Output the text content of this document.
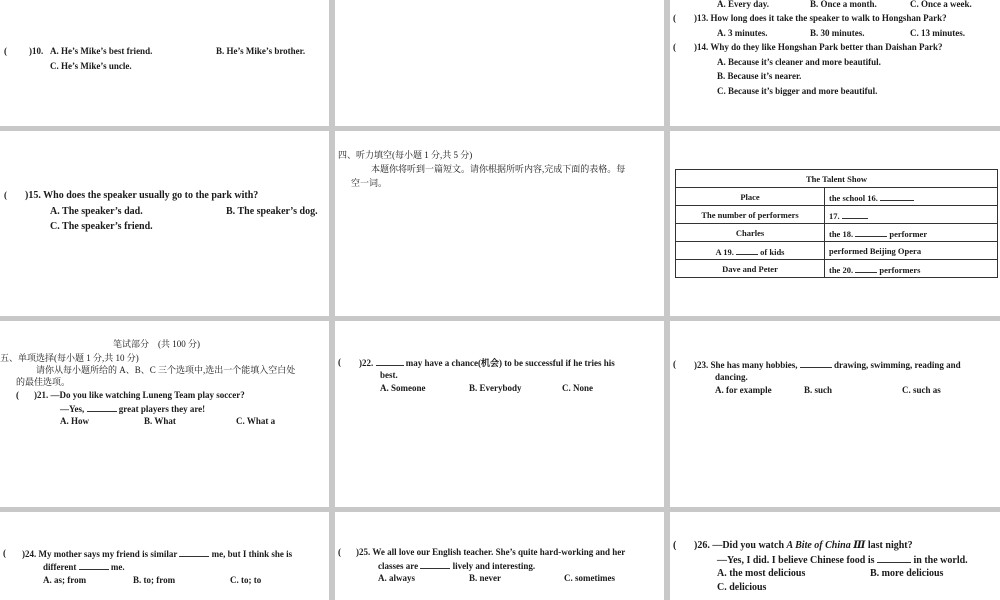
( )10. A. He’s Mike’s best friend.	B. He’s Mike’s brother.
C. He’s Mike’s uncle.
A. Every day.	B. Once a month.	C. Once a week.
( )13. How long does it take the speaker to walk to Hongshan Park?
A. 3 minutes.	B. 30 minutes.	C. 13 minutes.
( )14. Why do they like Hongshan Park better than Daishan Park?
A. Because it’s cleaner and more beautiful.
B. Because it’s nearer.
C. Because it’s bigger and more beautiful.
( )15. Who does the speaker usually go to the park with?
A. The speaker’s dad.	B. The speaker’s dog.
C. The speaker’s friend.
四、听力填空(每小题 1 分,共 5 分)
本题你将听到一篇短文。请你根据所听内容,完成下面的表格。每
空一词。	The Talent Show	
Place	the school 16.
The number of performers	17.
Charles	the 18. performer
A 19. of kids	performed Beijing Opera
Dave and Peter	the 20. performers
笔试部分　(共 100 分)
五、单项选择(每小题 1 分,共 10 分)
请你从每小题所给的 A、B、C 三个选项中,选出一个能填入空白处
的最佳选项。
( )21. —Do you like watching Luneng Team play soccer?
—Yes,	great players they are!
A. How	B. What	C. What a
( )22.	may have a chance(机会) to be successful if he tries his
best.
A. Someone	B. Everybody	C. None
( )23. She has many hobbies,	drawing, swimming, reading and
dancing.
A. for example	B. such	C. such as
( )24. My mother says my friend is similar	me, but I think she is
different	me.
A. as; from	B. to; from	C. to; to
( )25. We all love our English teacher. She’s quite hard-working and her
classes are	lively and interesting.
A. always	B. never	C. sometimes
( )26. —Did you watch A Bite of China Ⅲ last night?
—Yes, I did. I believe Chinese food is	in the world.
A. the most delicious	B. more delicious
C. delicious
